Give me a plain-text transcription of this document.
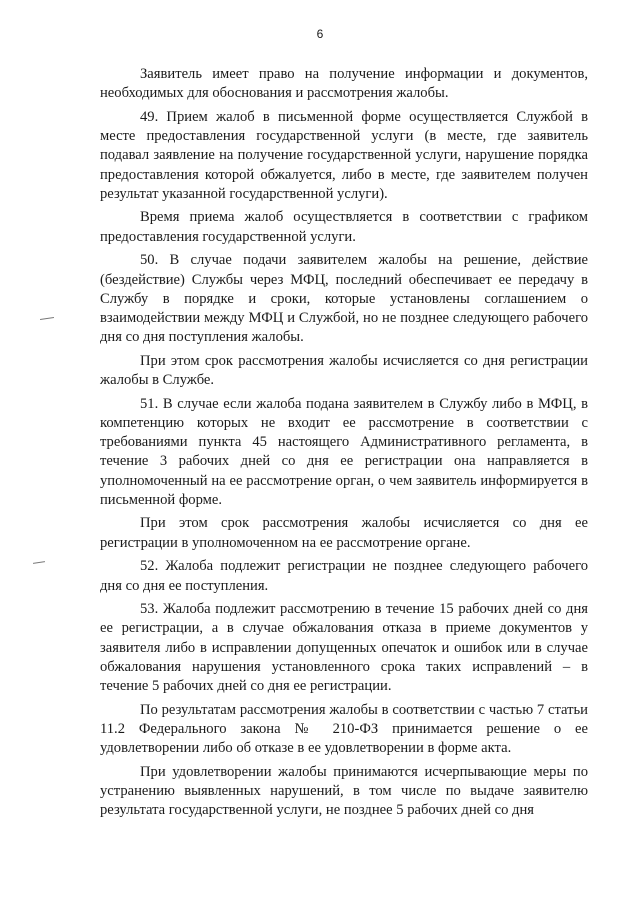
6

Заявитель имеет право на получение информации и документов, необходимых для обоснования и рассмотрения жалобы.

49. Прием жалоб в письменной форме осуществляется Службой в месте предоставления государственной услуги (в месте, где заявитель подавал заявление на получение государственной услуги, нарушение порядка предоставления которой обжалуется, либо в месте, где заявителем получен результат указанной государственной услуги).

Время приема жалоб осуществляется в соответствии с графиком предоставления государственной услуги.

50. В случае подачи заявителем жалобы на решение, действие (бездействие) Службы через МФЦ, последний обеспечивает ее передачу в Службу в порядке и сроки, которые установлены соглашением о взаимодействии между МФЦ и Службой, но не позднее следующего рабочего дня со дня поступления жалобы.

При этом срок рассмотрения жалобы исчисляется со дня регистрации жалобы в Службе.

51. В случае если жалоба подана заявителем в Службу либо в МФЦ, в компетенцию которых не входит ее рассмотрение в соответствии с требованиями пункта 45 настоящего Административного регламента, в течение 3 рабочих дней со дня ее регистрации она направляется в уполномоченный на ее рассмотрение орган, о чем заявитель информируется в письменной форме.

При этом срок рассмотрения жалобы исчисляется со дня ее регистрации в уполномоченном на ее рассмотрение органе.

52. Жалоба подлежит регистрации не позднее следующего рабочего дня со дня ее поступления.

53. Жалоба подлежит рассмотрению в течение 15 рабочих дней со дня ее регистрации, а в случае обжалования отказа в приеме документов у заявителя либо в исправлении допущенных опечаток и ошибок или в случае обжалования нарушения установленного срока таких исправлений – в течение 5 рабочих дней со дня ее регистрации.

По результатам рассмотрения жалобы в соответствии с частью 7 статьи 11.2 Федерального закона № 210-ФЗ принимается решение о ее удовлетворении либо об отказе в ее удовлетворении в форме акта.

При удовлетворении жалобы принимаются исчерпывающие меры по устранению выявленных нарушений, в том числе по выдаче заявителю результата государственной услуги, не позднее 5 рабочих дней со дня
